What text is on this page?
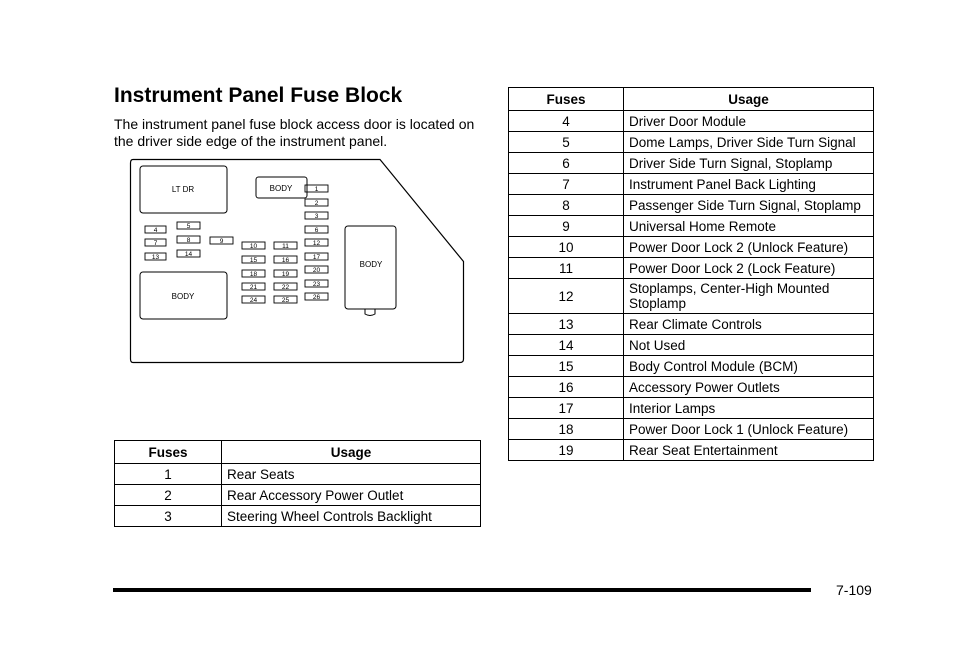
Instrument Panel Fuse Block

The instrument panel fuse block access door is located on the driver side edge of the instrument panel.

LT DR	BODY
BODY
BODY
4
5
7	8	9
13	14
10	11
15	16
18	19
21	22
24	25
1
2
3
6
12
17
20
23
26
Fuses	Usage
1	Rear Seats
2	Rear Accessory Power Outlet
3	Steering Wheel Controls Backlight
Fuses	Usage
4	Driver Door Module
5	Dome Lamps, Driver Side Turn Signal
6	Driver Side Turn Signal, Stoplamp
7	Instrument Panel Back Lighting
8	Passenger Side Turn Signal, Stoplamp
9	Universal Home Remote
10	Power Door Lock 2 (Unlock Feature)
11	Power Door Lock 2 (Lock Feature)
12	Stoplamps, Center-High Mounted Stoplamp
13	Rear Climate Controls
14	Not Used
15	Body Control Module (BCM)
16	Accessory Power Outlets
17	Interior Lamps
18	Power Door Lock 1 (Unlock Feature)
19	Rear Seat Entertainment
7-109
